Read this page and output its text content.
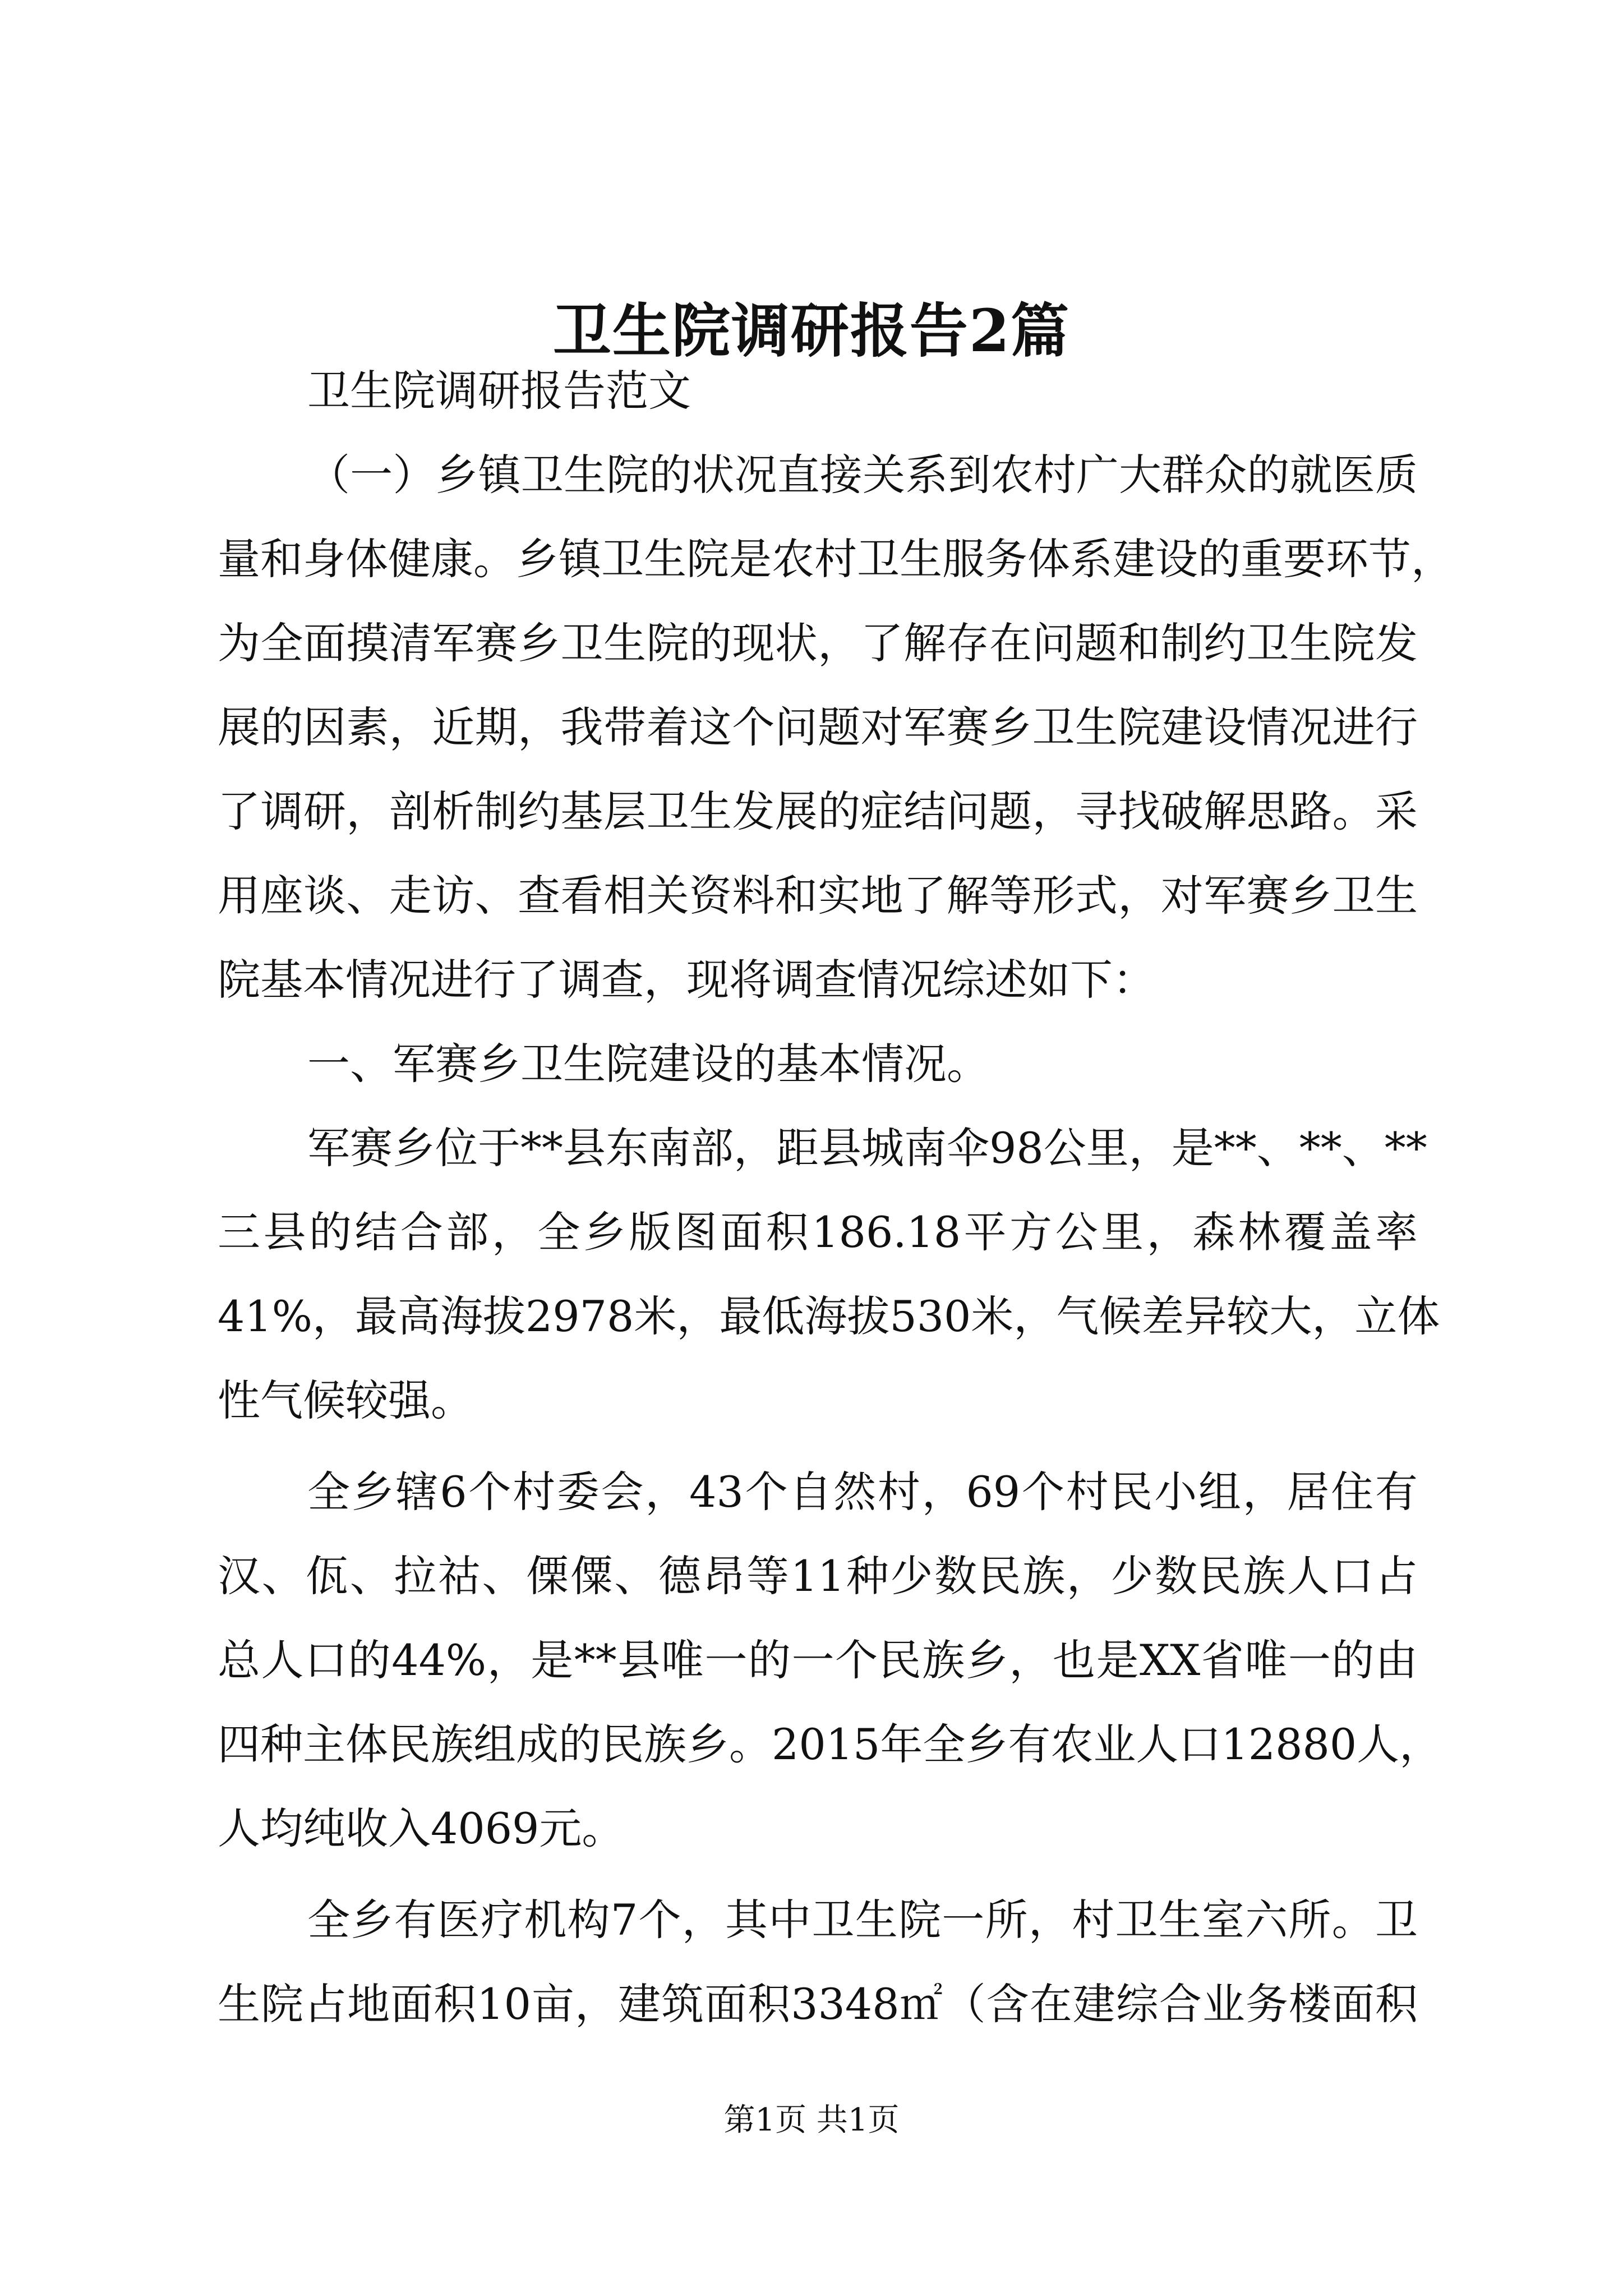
卫生院调研报告2篇
卫生院调研报告范文
（一）乡镇卫生院的状况直接关系到农村广大群众的就医质
量和身体健康。乡镇卫生院是农村卫生服务体系建设的重要环节，
为全面摸清军赛乡卫生院的现状，了解存在问题和制约卫生院发
展的因素，近期，我带着这个问题对军赛乡卫生院建设情况进行
了调研，剖析制约基层卫生发展的症结问题，寻找破解思路。采
用座谈、走访、查看相关资料和实地了解等形式，对军赛乡卫生
院基本情况进行了调查，现将调查情况综述如下：
一、军赛乡卫生院建设的基本情况。
军赛乡位于**县东南部，距县城南伞98公里，是**、**、**
三县的结合部，全乡版图面积186.18平方公里，森林覆盖率
41%，最高海拔2978米，最低海拔530米，气候差异较大，立体
性气候较强。
全乡辖6个村委会，43个自然村，69个村民小组，居住有
汉、佤、拉祜、傈僳、德昂等11种少数民族，少数民族人口占
总人口的44%，是**县唯一的一个民族乡，也是XX省唯一的由
四种主体民族组成的民族乡。2015年全乡有农业人口12880人，
人均纯收入4069元。
全乡有医疗机构7个，其中卫生院一所，村卫生室六所。卫
生院占地面积10亩，建筑面积3348㎡（含在建综合业务楼面积
第1页 共1页
